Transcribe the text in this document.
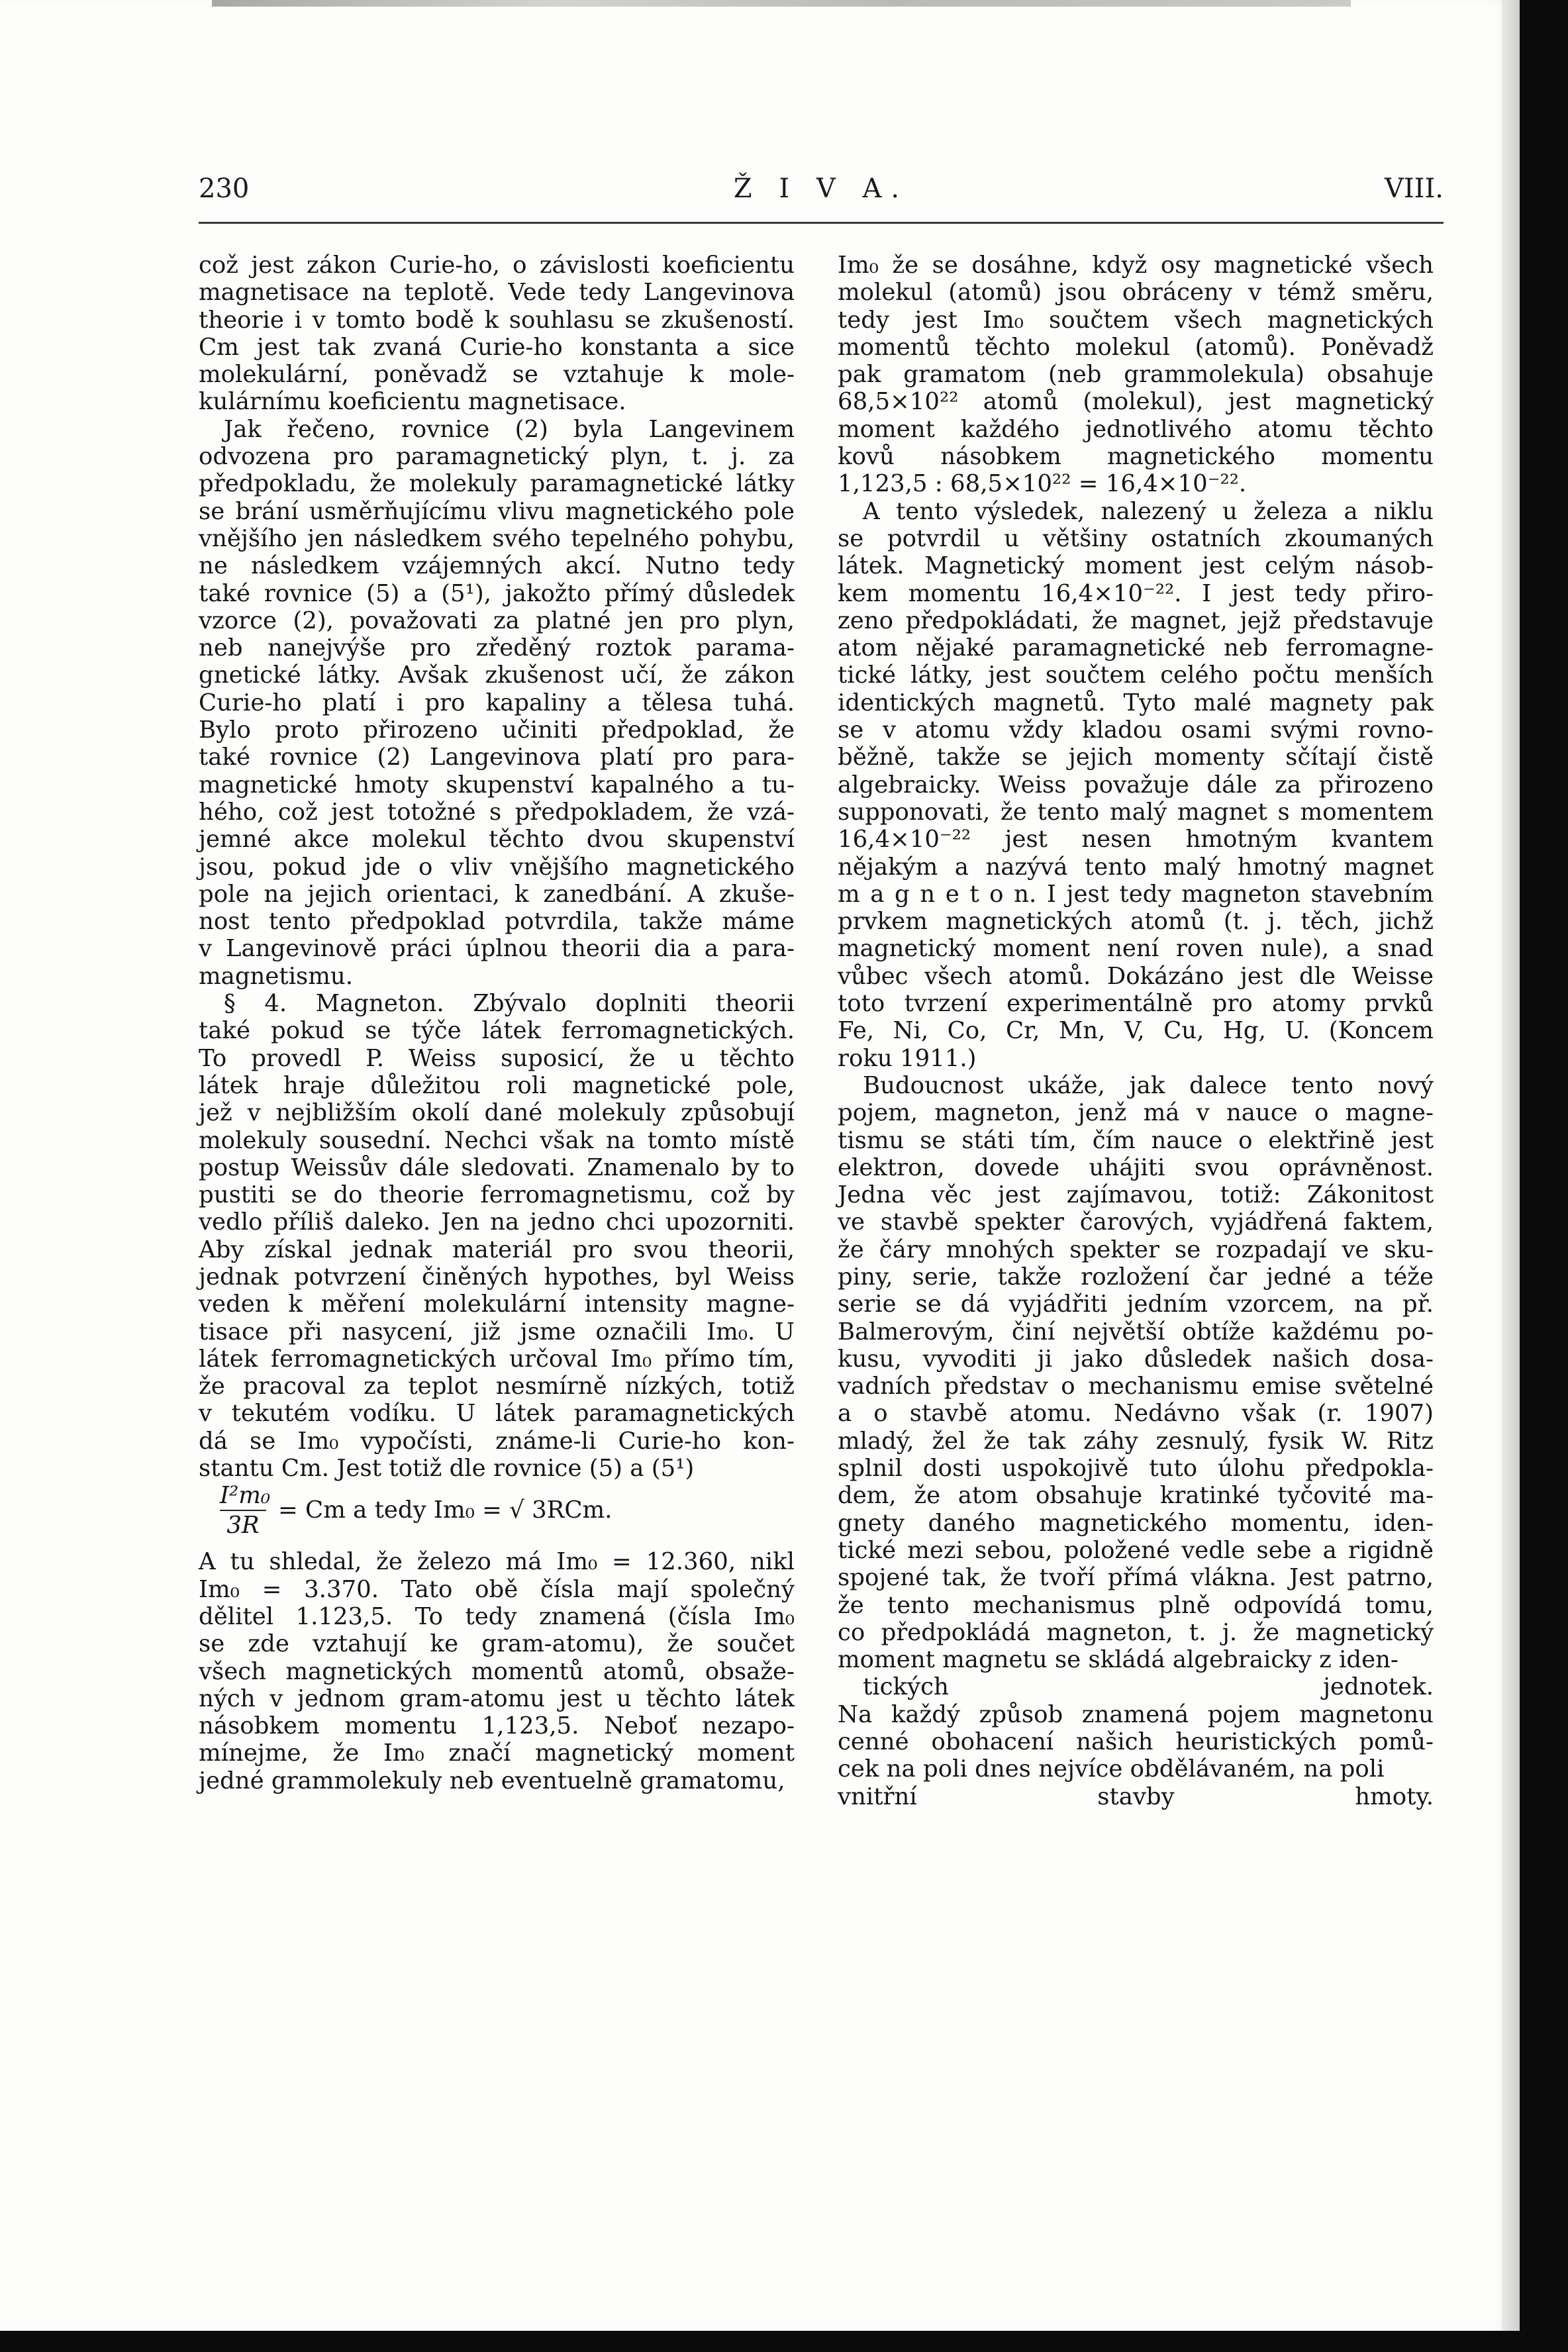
230	Ž I V A.	VIII.

což jest zákon Curie-ho, o závislosti koeficientu

magnetisace na teplotě. Vede tedy Langevinova

theorie i v tomto bodě k souhlasu se zkušeností.

Cm jest tak zvaná Curie-ho konstanta a sice

molekulární, poněvadž se vztahuje k mole-

kulárnímu koeficientu magnetisace.

Jak řečeno, rovnice (2) byla Langevinem

odvozena pro paramagnetický plyn, t. j. za

předpokladu, že molekuly paramagnetické látky

se brání usměrňujícímu vlivu magnetického pole

vnějšího jen následkem svého tepelného pohybu,

ne následkem vzájemných akcí. Nutno tedy

také rovnice (5) a (5¹), jakožto přímý důsledek

vzorce (2), považovati za platné jen pro plyn,

neb nanejvýše pro zředěný roztok parama-

gnetické látky. Avšak zkušenost učí, že zákon

Curie-ho platí i pro kapaliny a tělesa tuhá.

Bylo proto přirozeno učiniti předpoklad, že

také rovnice (2) Langevinova platí pro para-

magnetické hmoty skupenství kapalného a tu-

hého, což jest totožné s předpokladem, že vzá-

jemné akce molekul těchto dvou skupenství

jsou, pokud jde o vliv vnějšího magnetického

pole na jejich orientaci, k zanedbání. A zkuše-

nost tento předpoklad potvrdila, takže máme

v Langevinově práci úplnou theorii dia a para-

magnetismu.

§ 4. Magneton. Zbývalo doplniti theorii

také pokud se týče látek ferromagnetických.

To provedl P. Weiss suposicí, že u těchto

látek hraje důležitou roli magnetické pole,

jež v nejbližším okolí dané molekuly způsobují

molekuly sousední. Nechci však na tomto místě

postup Weissův dále sledovati. Znamenalo by to

pustiti se do theorie ferromagnetismu, což by

vedlo příliš daleko. Jen na jedno chci upozorniti.

Aby získal jednak materiál pro svou theorii,

jednak potvrzení činěných hypothes, byl Weiss

veden k měření molekulární intensity magne-

tisace při nasycení, již jsme označili Im₀. U

látek ferromagnetických určoval Im₀ přímo tím,

že pracoval za teplot nesmírně nízkých, totiž

v tekutém vodíku. U látek paramagnetických

dá se Im₀ vypočísti, známe-li Curie-ho kon-

stantu Cm. Jest totiž dle rovnice (5) a (5¹)

$\frac{\text{I²m₀}}{3R} = Cm$ a tedy Im₀ = √ 3RCm.

A tu shledal, že železo má Im₀ = 12.360, nikl

Im₀ = 3.370. Tato obě čísla mají společný

dělitel 1.123,5. To tedy znamená (čísla Im₀

se zde vztahují ke gram-atomu), že součet

všech magnetických momentů atomů, obsaže-

ných v jednom gram-atomu jest u těchto látek

násobkem momentu 1,123,5. Neboť nezapo-

mínejme, že Im₀ značí magnetický moment

jedné grammolekuly neb eventuelně gramatomu,

Im₀ že se dosáhne, když osy magnetické všech

molekul (atomů) jsou obráceny v témž směru,

tedy jest Im₀ součtem všech magnetických

momentů těchto molekul (atomů). Poněvadž

pak gramatom (neb grammolekula) obsahuje

68,5×10²² atomů (molekul), jest magnetický

moment každého jednotlivého atomu těchto

kovů násobkem magnetického momentu

1,123,5 : 68,5×10²² = 16,4×10⁻²².

A tento výsledek, nalezený u železa a niklu

se potvrdil u většiny ostatních zkoumaných

látek. Magnetický moment jest celým násob-

kem momentu 16,4×10⁻²². I jest tedy přiro-

zeno předpokládati, že magnet, jejž představuje

atom nějaké paramagnetické neb ferromagne-

tické látky, jest součtem celého počtu menších

identických magnetů. Tyto malé magnety pak

se v atomu vždy kladou osami svými rovno-

běžně, takže se jejich momenty sčítají čistě

algebraicky. Weiss považuje dále za přirozeno

supponovati, že tento malý magnet s momentem

16,4×10⁻²² jest nesen hmotným kvantem

nějakým a nazývá tento malý hmotný magnet

m a g n e t o n. I jest tedy magneton stavebním

prvkem magnetických atomů (t. j. těch, jichž

magnetický moment není roven nule), a snad

vůbec všech atomů. Dokázáno jest dle Weisse

toto tvrzení experimentálně pro atomy prvků

Fe, Ni, Co, Cr, Mn, V, Cu, Hg, U. (Koncem

roku 1911.)

Budoucnost ukáže, jak dalece tento nový

pojem, magneton, jenž má v nauce o magne-

tismu se státi tím, čím nauce o elektřině jest

elektron, dovede uhájiti svou oprávněnost.

Jedna věc jest zajímavou, totiž: Zákonitost

ve stavbě spekter čarových, vyjádřená faktem,

že čáry mnohých spekter se rozpadají ve sku-

piny, serie, takže rozložení čar jedné a téže

serie se dá vyjádřiti jedním vzorcem, na př.

Balmerovým, činí největší obtíže každému po-

kusu, vyvoditi ji jako důsledek našich dosa-

vadních představ o mechanismu emise světelné

a o stavbě atomu. Nedávno však (r. 1907)

mladý, žel že tak záhy zesnulý, fysik W. Ritz

splnil dosti uspokojivě tuto úlohu předpokla-

dem, že atom obsahuje kratinké tyčovité ma-

gnety daného magnetického momentu, iden-

tické mezi sebou, položené vedle sebe a rigidně

spojené tak, že tvoří přímá vlákna. Jest patrno,

že tento mechanismus plně odpovídá tomu,

co předpokládá magneton, t. j. že magnetický

moment magnetu se skládá algebraicky z iden-

tických jednotek.

Na každý způsob znamená pojem magnetonu

cenné obohacení našich heuristických pomů-

cek na poli dnes nejvíce obdělávaném, na poli

vnitřní stavby hmoty.
